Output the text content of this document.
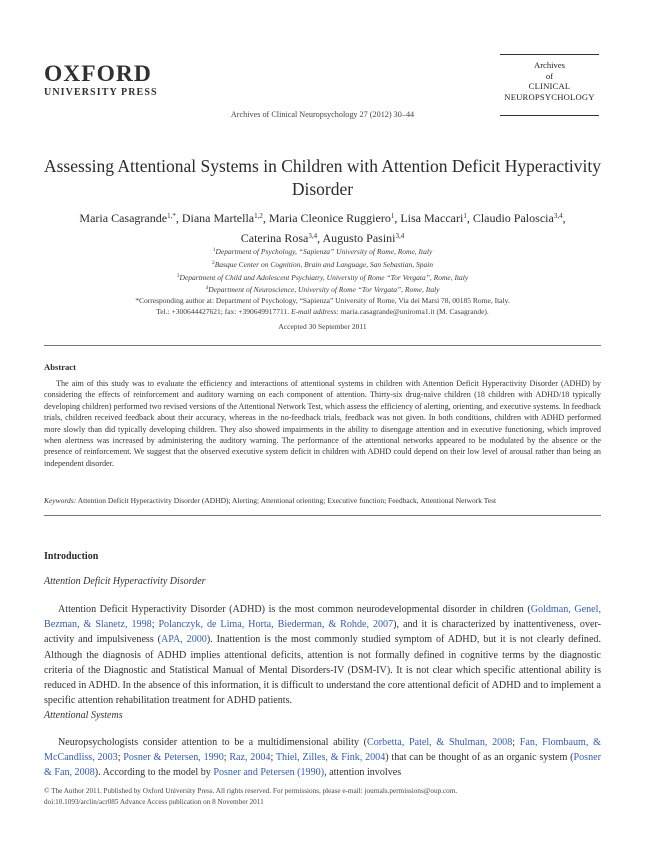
OXFORD
UNIVERSITY PRESS
Archives
of
CLINICAL
NEUROPSYCHOLOGY
Archives of Clinical Neuropsychology 27 (2012) 30–44
Assessing Attentional Systems in Children with Attention Deficit Hyperactivity Disorder
Maria Casagrande$^{1,*}$, Diana Martella$^{1,2}$, Maria Cleonice Ruggiero$^1$, Lisa Maccari$^1$, Claudio Paloscia$^{3,4}$,
Caterina Rosa$^{3,4}$, Augusto Pasini$^{3,4}$
$^1$Department of Psychology, “Sapienza” University of Rome, Rome, Italy
$^2$Basque Center on Cognition, Brain and Language, San Sebastian, Spain
$^3$Department of Child and Adolescent Psychiatry, University of Rome “Tor Vergata”, Rome, Italy
$^4$Department of Neuroscience, University of Rome “Tor Vergata”, Rome, Italy
*Corresponding author at: Department of Psychology, “Sapienza” University of Rome, Via dei Marsi 78, 00185 Rome, Italy.
Tel.: +300644427621; fax: +390649917711. E-mail address: maria.casagrande@uniroma1.it (M. Casagrande).
Accepted 30 September 2011
Abstract
The aim of this study was to evaluate the efficiency and interactions of attentional systems in children with Attention Deficit Hyperactivity Disorder (ADHD) by considering the effects of reinforcement and auditory warning on each component of attention. Thirty-six drug-naïve children (18 children with ADHD/18 typically developing children) performed two revised versions of the Attentional Network Test, which assess the efficiency of alerting, orienting, and executive systems. In feedback trials, children received feedback about their accuracy, whereas in the no-feedback trials, feedback was not given. In both conditions, children with ADHD performed more slowly than did typically developing children. They also showed impairments in the ability to disengage attention and in executive functioning, which improved when alertness was increased by administering the auditory warning. The performance of the attentional networks appeared to be modulated by the absence or the presence of reinforcement. We suggest that the observed executive system deficit in children with ADHD could depend on their low level of arousal rather than being an independent disorder.
Keywords: Attention Deficit Hyperactivity Disorder (ADHD); Alerting; Attentional orienting; Executive function; Feedback, Attentional Network Test
Introduction
Attention Deficit Hyperactivity Disorder
Attention Deficit Hyperactivity Disorder (ADHD) is the most common neurodevelopmental disorder in children (Goldman, Genel, Bezman, & Slanetz, 1998; Polanczyk, de Lima, Horta, Biederman, & Rohde, 2007), and it is characterized by inattentiveness, over-activity and impulsiveness (APA, 2000). Inattention is the most commonly studied symptom of ADHD, but it is not clearly defined. Although the diagnosis of ADHD implies attentional deficits, attention is not formally defined in cognitive terms by the diagnostic criteria of the Diagnostic and Statistical Manual of Mental Disorders-IV (DSM-IV). It is not clear which specific attentional ability is reduced in ADHD. In the absence of this information, it is difficult to understand the core attentional deficit of ADHD and to implement a specific attention rehabilitation treatment for ADHD patients.
Attentional Systems
Neuropsychologists consider attention to be a multidimensional ability (Corbetta, Patel, & Shulman, 2008; Fan, Flombaum, & McCandliss, 2003; Posner & Petersen, 1990; Raz, 2004; Thiel, Zilles, & Fink, 2004) that can be thought of as an organic system (Posner & Fan, 2008). According to the model by Posner and Petersen (1990), attention involves
© The Author 2011. Published by Oxford University Press. All rights reserved. For permissions, please e-mail: journals.permissions@oup.com.
doi:10.1093/arclin/acr085 Advance Access publication on 8 November 2011
